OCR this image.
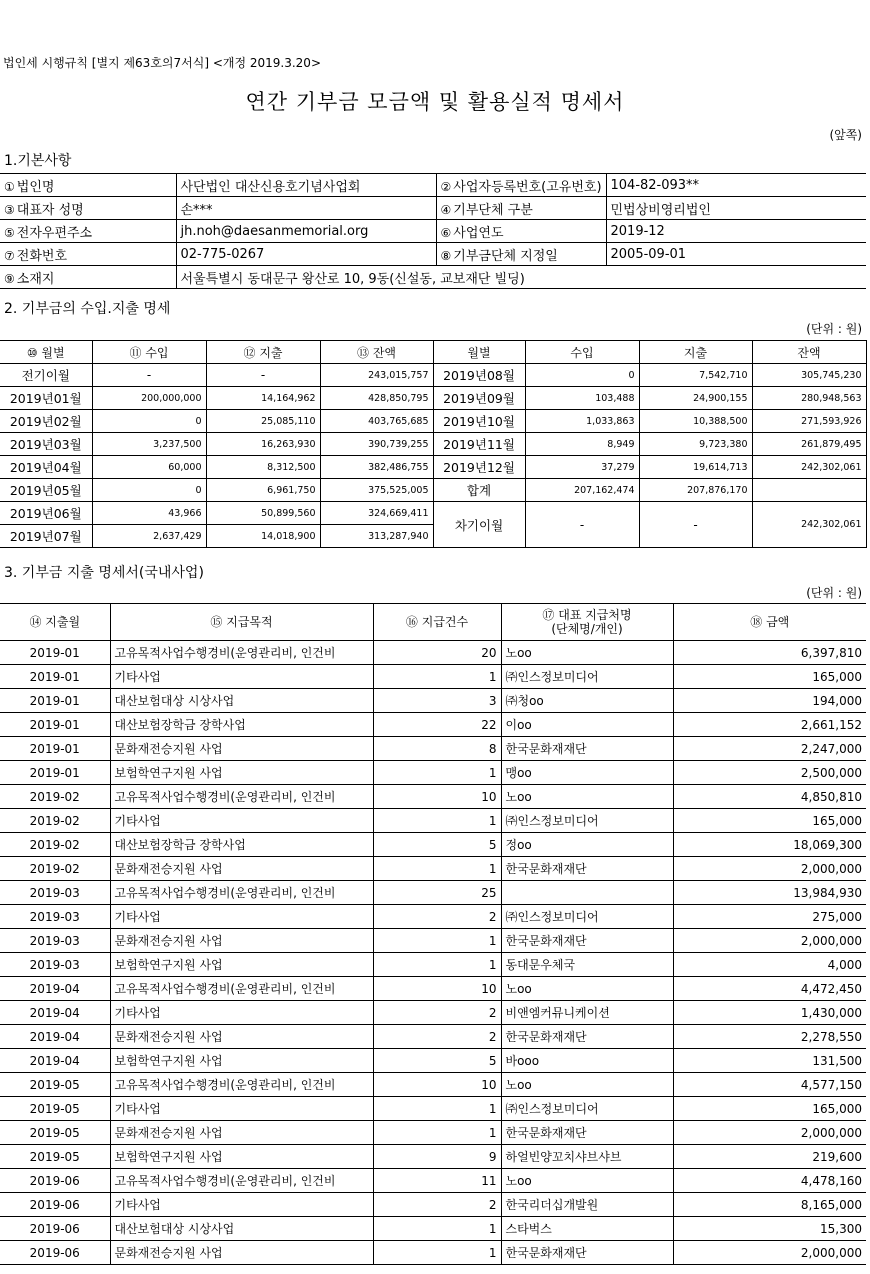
법인세 시행규칙 [별지 제63호의7서식] <개정 2019.3.20>
연간 기부금 모금액 및 활용실적 명세서
(앞쪽)
1.기본사항
① 법인명	사단법인 대산신용호기념사업회	② 사업자등록번호(고유번호)	104-82-093**
③ 대표자 성명	손***	④ 기부단체 구분	민법상비영리법인
⑤ 전자우편주소	jh.noh@daesanmemorial.org	⑥ 사업연도	2019-12
⑦ 전화번호	02-775-0267	⑧ 기부금단체 지정일	2005-09-01
⑨ 소재지	서울특별시 동대문구 왕산로 10, 9동(신설동, 교보재단 빌딩)		
2. 기부금의 수입.지출 명세
(단위 : 원)
⑩ 월별	⑪ 수입	⑫ 지출	⑬ 잔액	월별	수입	지출	잔액
전기이월	-	-	243,015,757	2019년08월	0	7,542,710	305,745,230
2019년01월	200,000,000	14,164,962	428,850,795	2019년09월	103,488	24,900,155	280,948,563
2019년02월	0	25,085,110	403,765,685	2019년10월	1,033,863	10,388,500	271,593,926
2019년03월	3,237,500	16,263,930	390,739,255	2019년11월	8,949	9,723,380	261,879,495
2019년04월	60,000	8,312,500	382,486,755	2019년12월	37,279	19,614,713	242,302,061
2019년05월	0	6,961,750	375,525,005	합계	207,162,474	207,876,170	
2019년06월	43,966	50,899,560	324,669,411	차기이월	-	-	242,302,061
2019년07월	2,637,429	14,018,900	313,287,940				
3. 기부금 지출 명세서(국내사업)
(단위 : 원)
⑭ 지출월	⑮ 지급목적	⑯ 지급건수	⑰ 대표 지급처명
(단체명/개인)	⑱ 금액
2019-01	고유목적사업수행경비(운영관리비, 인건비	20	노oo	6,397,810
2019-01	기타사업	1	㈜인스정보미디어	165,000
2019-01	대산보험대상 시상사업	3	㈜청oo	194,000
2019-01	대산보험장학금 장학사업	22	이oo	2,661,152
2019-01	문화재전승지원 사업	8	한국문화재재단	2,247,000
2019-01	보험학연구지원 사업	1	맹oo	2,500,000
2019-02	고유목적사업수행경비(운영관리비, 인건비	10	노oo	4,850,810
2019-02	기타사업	1	㈜인스정보미디어	165,000
2019-02	대산보험장학금 장학사업	5	정oo	18,069,300
2019-02	문화재전승지원 사업	1	한국문화재재단	2,000,000
2019-03	고유목적사업수행경비(운영관리비, 인건비	25		13,984,930
2019-03	기타사업	2	㈜인스정보미디어	275,000
2019-03	문화재전승지원 사업	1	한국문화재재단	2,000,000
2019-03	보험학연구지원 사업	1	동대문우체국	4,000
2019-04	고유목적사업수행경비(운영관리비, 인건비	10	노oo	4,472,450
2019-04	기타사업	2	비앤엠커뮤니케이션	1,430,000
2019-04	문화재전승지원 사업	2	한국문화재재단	2,278,550
2019-04	보험학연구지원 사업	5	바ooo	131,500
2019-05	고유목적사업수행경비(운영관리비, 인건비	10	노oo	4,577,150
2019-05	기타사업	1	㈜인스정보미디어	165,000
2019-05	문화재전승지원 사업	1	한국문화재재단	2,000,000
2019-05	보험학연구지원 사업	9	하얼빈양꼬치샤브샤브	219,600
2019-06	고유목적사업수행경비(운영관리비, 인건비	11	노oo	4,478,160
2019-06	기타사업	2	한국리더십개발원	8,165,000
2019-06	대산보험대상 시상사업	1	스타벅스	15,300
2019-06	문화재전승지원 사업	1	한국문화재재단	2,000,000
